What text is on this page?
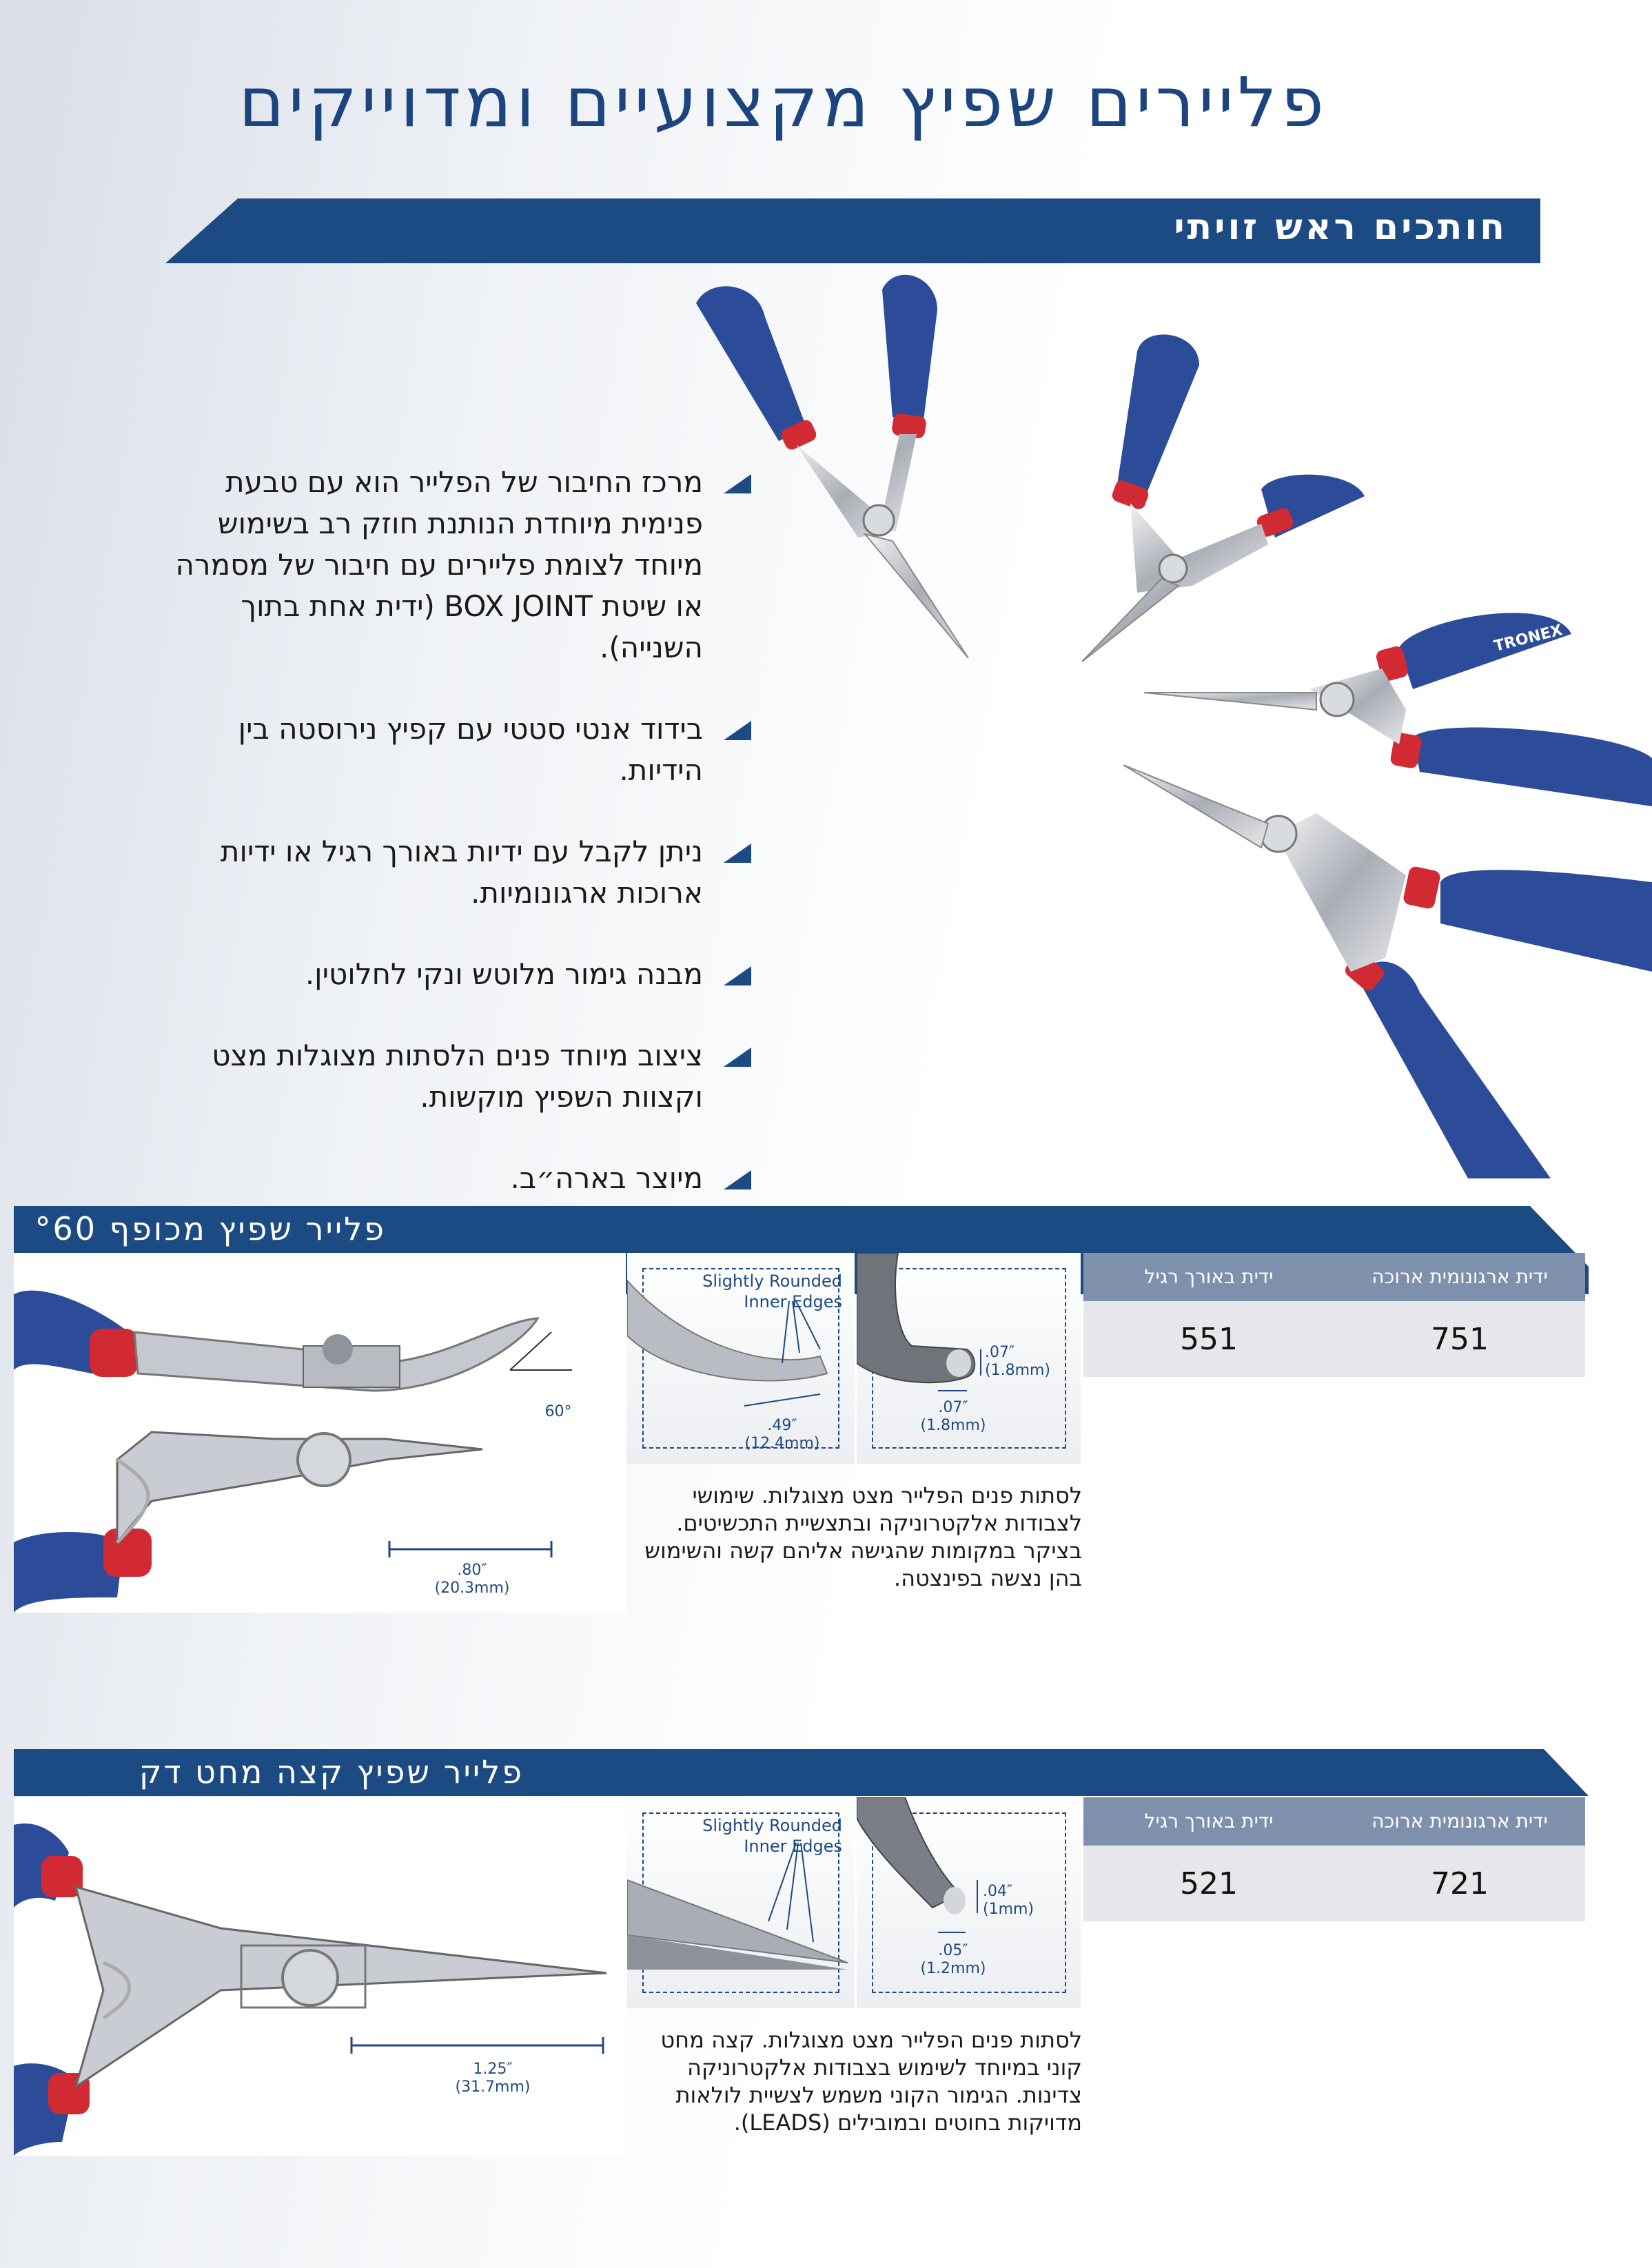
פליירים שפיץ מקצועיים ומדוייקים
חותכים ראש זויתי
TRONEX
מרכז החיבור של הפלייר הוא עם טבעת פנימית מיוחדת הנותנת חוזק רב בשימוש מיוחד לצומת פליירים עם חיבור של מסמרה או שיטת BOX JOINT (ידית אחת בתוך השנייה).
בידוד אנטי סטטי עם קפיץ נירוסטה בין הידיות.
ניתן לקבל עם ידיות באורך רגיל או ידיות ארוכות ארגונומיות.
מבנה גימור מלוטש ונקי לחלוטין.
ציצוב מיוחד פנים הלסתות מצוגלות מצט וקצוות השפיץ מוקשות.
מיוצר בארה״ב.
פלייר שפיץ מכופף °60
60°
.80″
(20.3mm)
Slightly Rounded
Inner Edges
.49″
(12.4mm)
.07″
(1.8mm)
.07″
(1.8mm)

לסתות פנים הפלייר מצט מצוגלות. שימושי לצבודות אלקטרוניקה ובתצשיית התכשיטים. בציקר במקומות שהגישה אליהם קשה והשימוש בהן נצשה בפינצטה.

ידית ארגונומית ארוכה	ידית באורך רגיל
751	551
פלייר שפיץ קצה מחט דק
1.25″
(31.7mm)
Slightly Rounded
Inner Edges
.04″
(1mm)
.05″
(1.2mm)

לסתות פנים הפלייר מצט מצוגלות. קצה מחט קוני במיוחד לשימוש בצבודות אלקטרוניקה צדינות. הגימור הקוני משמש לצשיית לולאות מדויקות בחוטים ובמובילים (LEADS).

ידית ארגונומית ארוכה	ידית באורך רגיל
721	521
